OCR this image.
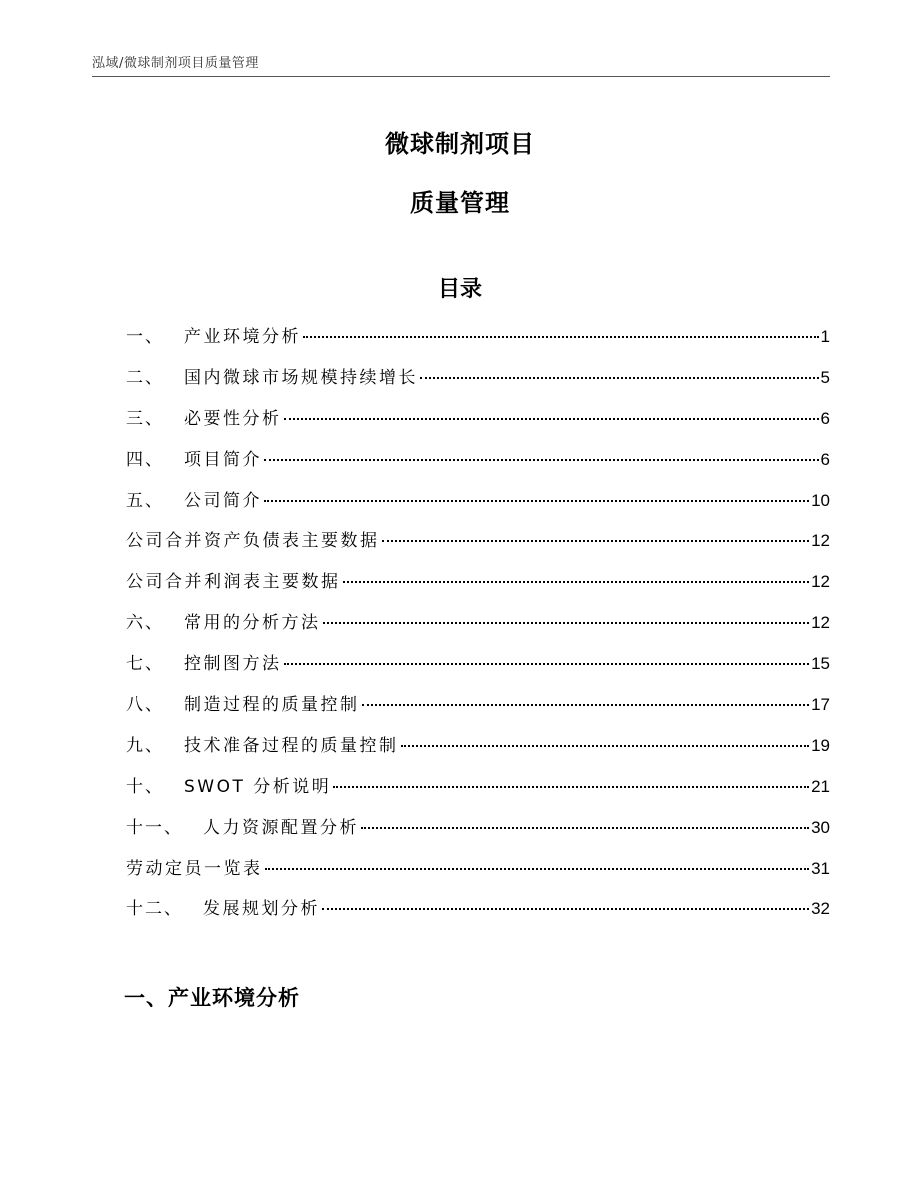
泓域/微球制剂项目质量管理
微球制剂项目
质量管理
目录
一、 产业环境分析	1
二、 国内微球市场规模持续增长	5
三、 必要性分析	6
四、 项目简介	6
五、 公司简介	10
公司合并资产负债表主要数据	12
公司合并利润表主要数据	12
六、 常用的分析方法	12
七、 控制图方法	15
八、 制造过程的质量控制	17
九、 技术准备过程的质量控制	19
十、 SWOT 分析说明	21
十一、 人力资源配置分析	30
劳动定员一览表	31
十二、 发展规划分析	32
一、产业环境分析
